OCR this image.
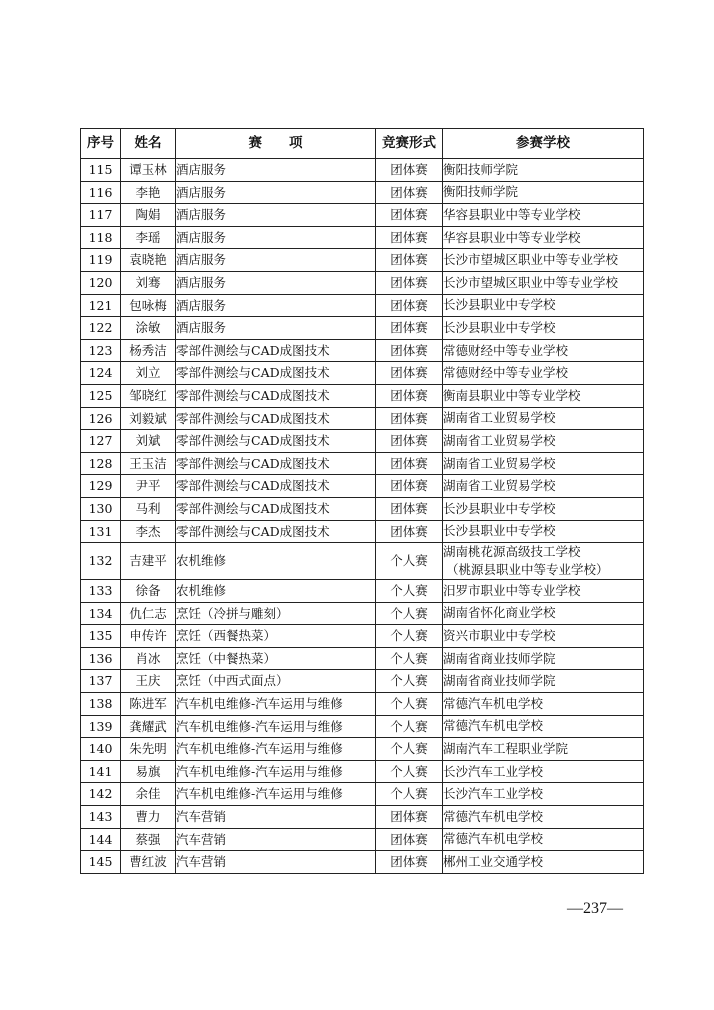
序号	姓名	赛　　项	竞赛形式	参赛学校
115	谭玉林	酒店服务	团体赛	衡阳技师学院

116	李艳	酒店服务	团体赛	衡阳技师学院

117	陶娟	酒店服务	团体赛	华容县职业中等专业学校

118	李瑶	酒店服务	团体赛	华容县职业中等专业学校

119	袁晓艳	酒店服务	团体赛	长沙市望城区职业中等专业学校

120	刘骞	酒店服务	团体赛	长沙市望城区职业中等专业学校

121	包咏梅	酒店服务	团体赛	长沙县职业中专学校

122	涂敏	酒店服务	团体赛	长沙县职业中专学校

123	杨秀洁	零部件测绘与CAD成图技术	团体赛	常德财经中等专业学校

124	刘立	零部件测绘与CAD成图技术	团体赛	常德财经中等专业学校

125	邹晓红	零部件测绘与CAD成图技术	团体赛	衡南县职业中等专业学校

126	刘毅斌	零部件测绘与CAD成图技术	团体赛	湖南省工业贸易学校

127	刘斌	零部件测绘与CAD成图技术	团体赛	湖南省工业贸易学校

128	王玉洁	零部件测绘与CAD成图技术	团体赛	湖南省工业贸易学校

129	尹平	零部件测绘与CAD成图技术	团体赛	湖南省工业贸易学校

130	马利	零部件测绘与CAD成图技术	团体赛	长沙县职业中专学校

131	李杰	零部件测绘与CAD成图技术	团体赛	长沙县职业中专学校

132	吉建平	农机维修	个人赛	湖南桃花源高级技工学校
（桃源县职业中等专业学校）

133	徐备	农机维修	个人赛	汨罗市职业中等专业学校

134	仇仁志	烹饪（冷拼与雕刻）	个人赛	湖南省怀化商业学校

135	申传许	烹饪（西餐热菜）	个人赛	资兴市职业中专学校

136	肖冰	烹饪（中餐热菜）	个人赛	湖南省商业技师学院

137	王庆	烹饪（中西式面点）	个人赛	湖南省商业技师学院

138	陈进军	汽车机电维修-汽车运用与维修	个人赛	常德汽车机电学校

139	龚耀武	汽车机电维修-汽车运用与维修	个人赛	常德汽车机电学校

140	朱先明	汽车机电维修-汽车运用与维修	个人赛	湖南汽车工程职业学院

141	易旗	汽车机电维修-汽车运用与维修	个人赛	长沙汽车工业学校

142	余佳	汽车机电维修-汽车运用与维修	个人赛	长沙汽车工业学校

143	曹力	汽车营销	团体赛	常德汽车机电学校

144	蔡强	汽车营销	团体赛	常德汽车机电学校

145	曹红波	汽车营销	团体赛	郴州工业交通学校
—237—
